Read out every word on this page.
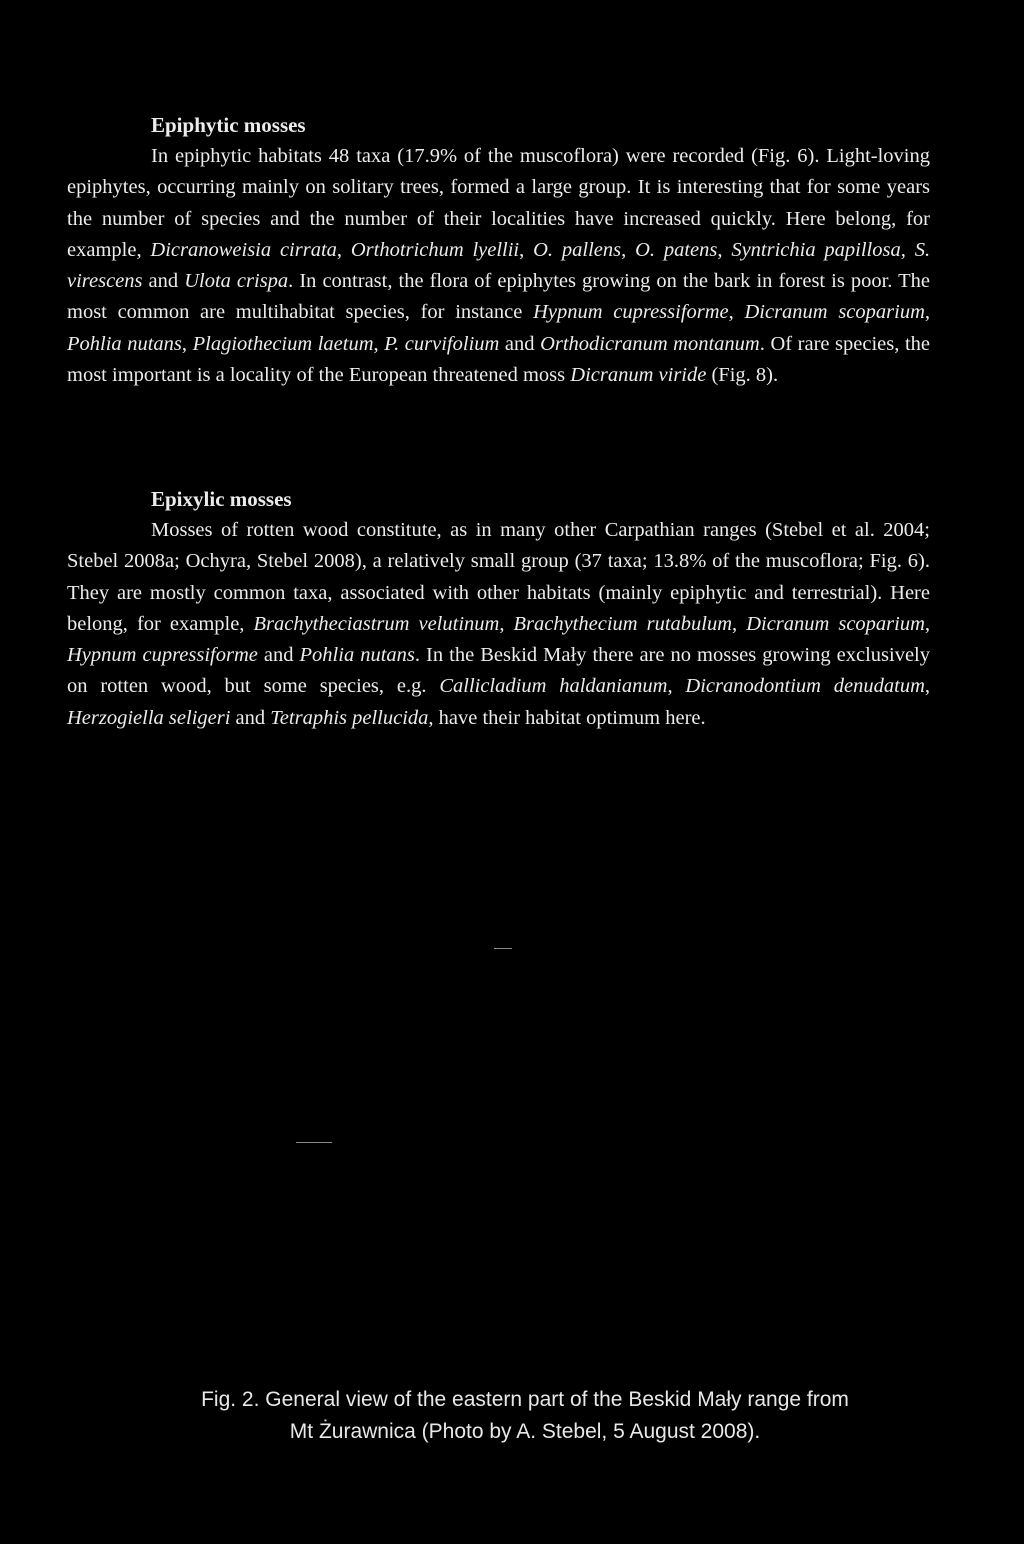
Epiphytic mosses

In epiphytic habitats 48 taxa (17.9% of the muscoflora) were recorded (Fig. 6). Light-loving epiphytes, occurring mainly on solitary trees, formed a large group. It is interesting that for some years the number of species and the number of their localities have increased quickly. Here belong, for example, Dicranoweisia cirrata, Orthotrichum lyellii, O. pallens, O. patens, Syntrichia papillosa, S. virescens and Ulota crispa. In contrast, the flora of epiphytes growing on the bark in forest is poor. The most common are multihabitat species, for instance Hypnum cupressiforme, Dicranum scoparium, Pohlia nutans, Plagiothecium laetum, P. curvifolium and Orthodicranum montanum. Of rare species, the most important is a locality of the European threatened moss Dicranum viride (Fig. 8).

Epixylic mosses

Mosses of rotten wood constitute, as in many other Carpathian ranges (Stebel et al. 2004; Stebel 2008a; Ochyra, Stebel 2008), a relatively small group (37 taxa; 13.8% of the muscoflora; Fig. 6). They are mostly common taxa, associated with other habitats (mainly epiphytic and terrestrial). Here belong, for example, Brachytheciastrum velutinum, Brachythecium rutabulum, Dicranum scoparium, Hypnum cupressiforme and Pohlia nutans. In the Beskid Mały there are no mosses growing exclusively on rotten wood, but some species, e.g. Callicladium haldanianum, Dicranodontium denudatum, Herzogiella seligeri and Tetraphis pellucida, have their habitat optimum here.

Fig. 2. General view of the eastern part of the Beskid Mały range from
Mt Żurawnica (Photo by A. Stebel, 5 August 2008).
